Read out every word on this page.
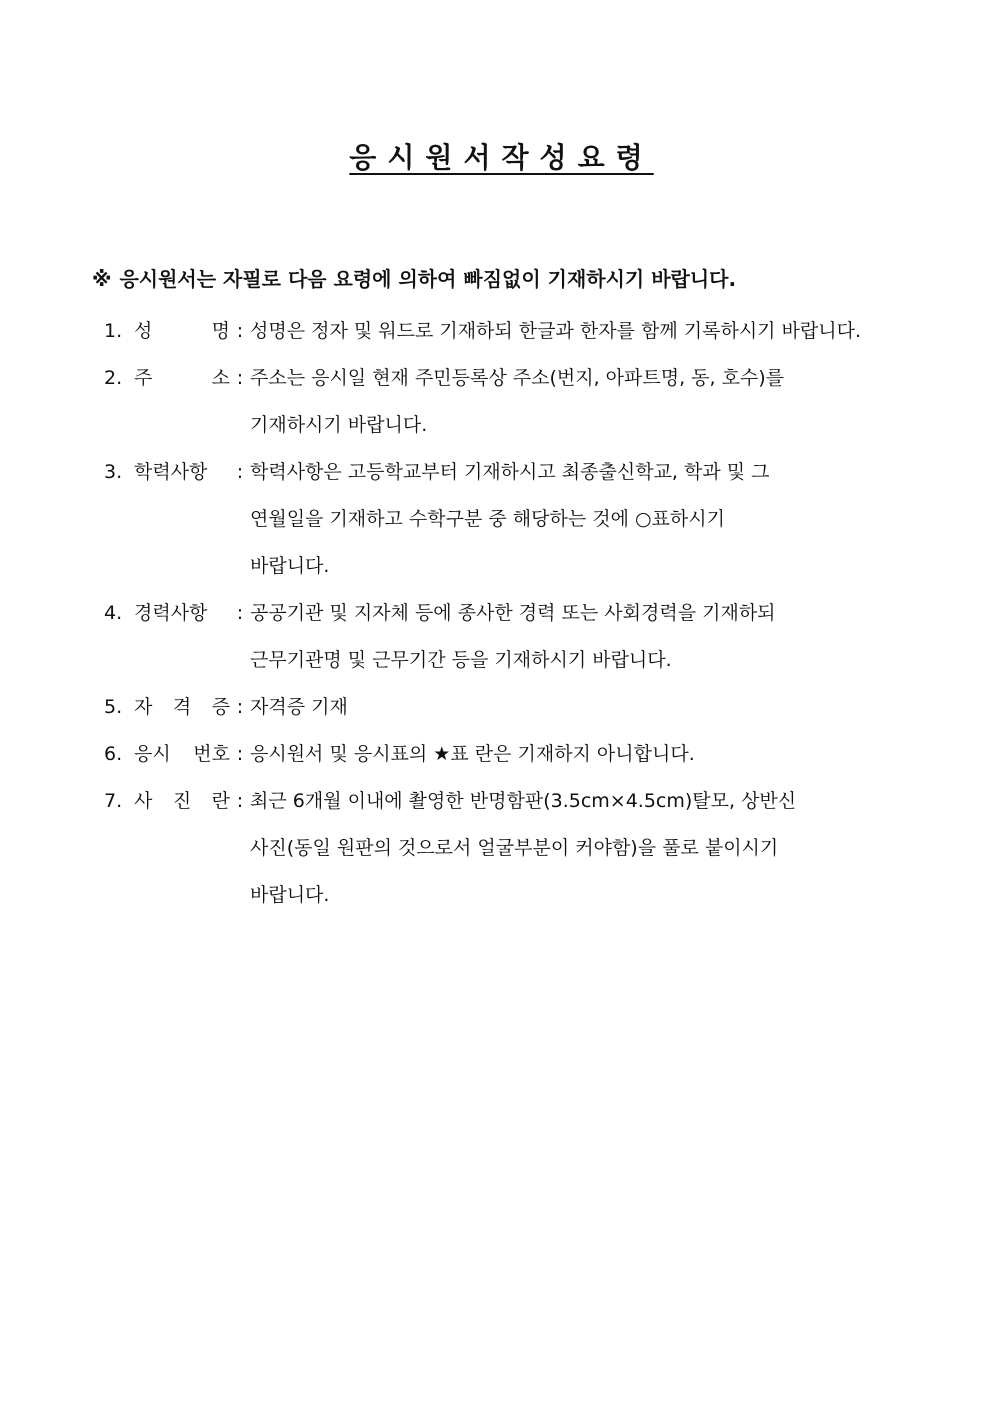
응시원서작성요령
※ 응시원서는 자필로 다음 요령에 의하여 빠짐없이 기재하시기 바랍니다.
1. 성	명 : 성명은 정자 및 워드로 기재하되 한글과 한자를 함께 기록하시기 바랍니다.
2. 주	소 : 주소는 응시일 현재 주민등록상 주소(번지, 아파트명, 동, 호수)를
기재하시기 바랍니다.
3. 학력사항	: 학력사항은 고등학교부터 기재하시고 최종출신학교, 학과 및 그
연월일을 기재하고 수학구분 중 해당하는 것에 ○표하시기
바랍니다.
4. 경력사항	: 공공기관 및 지자체 등에 종사한 경력 또는 사회경력을 기재하되
근무기관명 및 근무기간 등을 기재하시기 바랍니다.
5. 자 격 증 : 자격증 기재
6. 응시 번호 : 응시원서 및 응시표의 ★표 란은 기재하지 아니합니다.
7. 사 진 란 : 최근 6개월 이내에 촬영한 반명함판(3.5cm×4.5cm)탈모, 상반신
사진(동일 원판의 것으로서 얼굴부분이 커야함)을 풀로 붙이시기
바랍니다.
